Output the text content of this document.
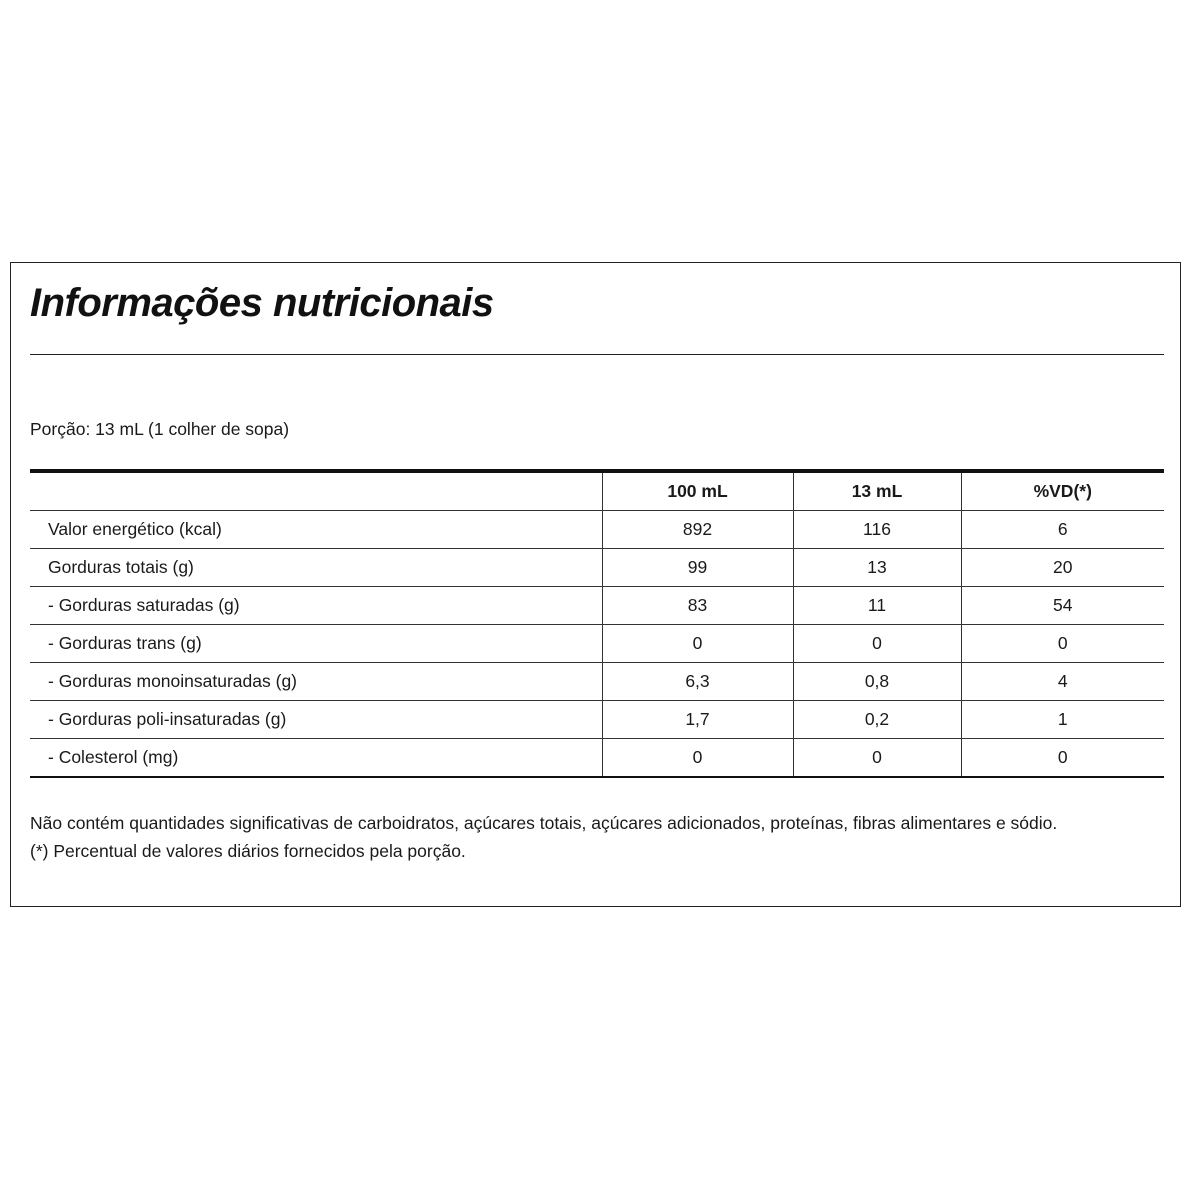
Informações nutricionais
Porção: 13 mL (1 colher de sopa)
	100 mL	13 mL	%VD(*)
Valor energético (kcal)	892	116	6
Gorduras totais (g)	99	13	20
- Gorduras saturadas (g)	83	11	54
- Gorduras trans (g)	0	0	0
- Gorduras monoinsaturadas (g)	6,3	0,8	4
- Gorduras poli-insaturadas (g)	1,7	0,2	1
- Colesterol (mg)	0	0	0

Não contém quantidades significativas de carboidratos, açúcares totais, açúcares adicionados, proteínas, fibras alimentares e sódio.

(*) Percentual de valores diários fornecidos pela porção.
